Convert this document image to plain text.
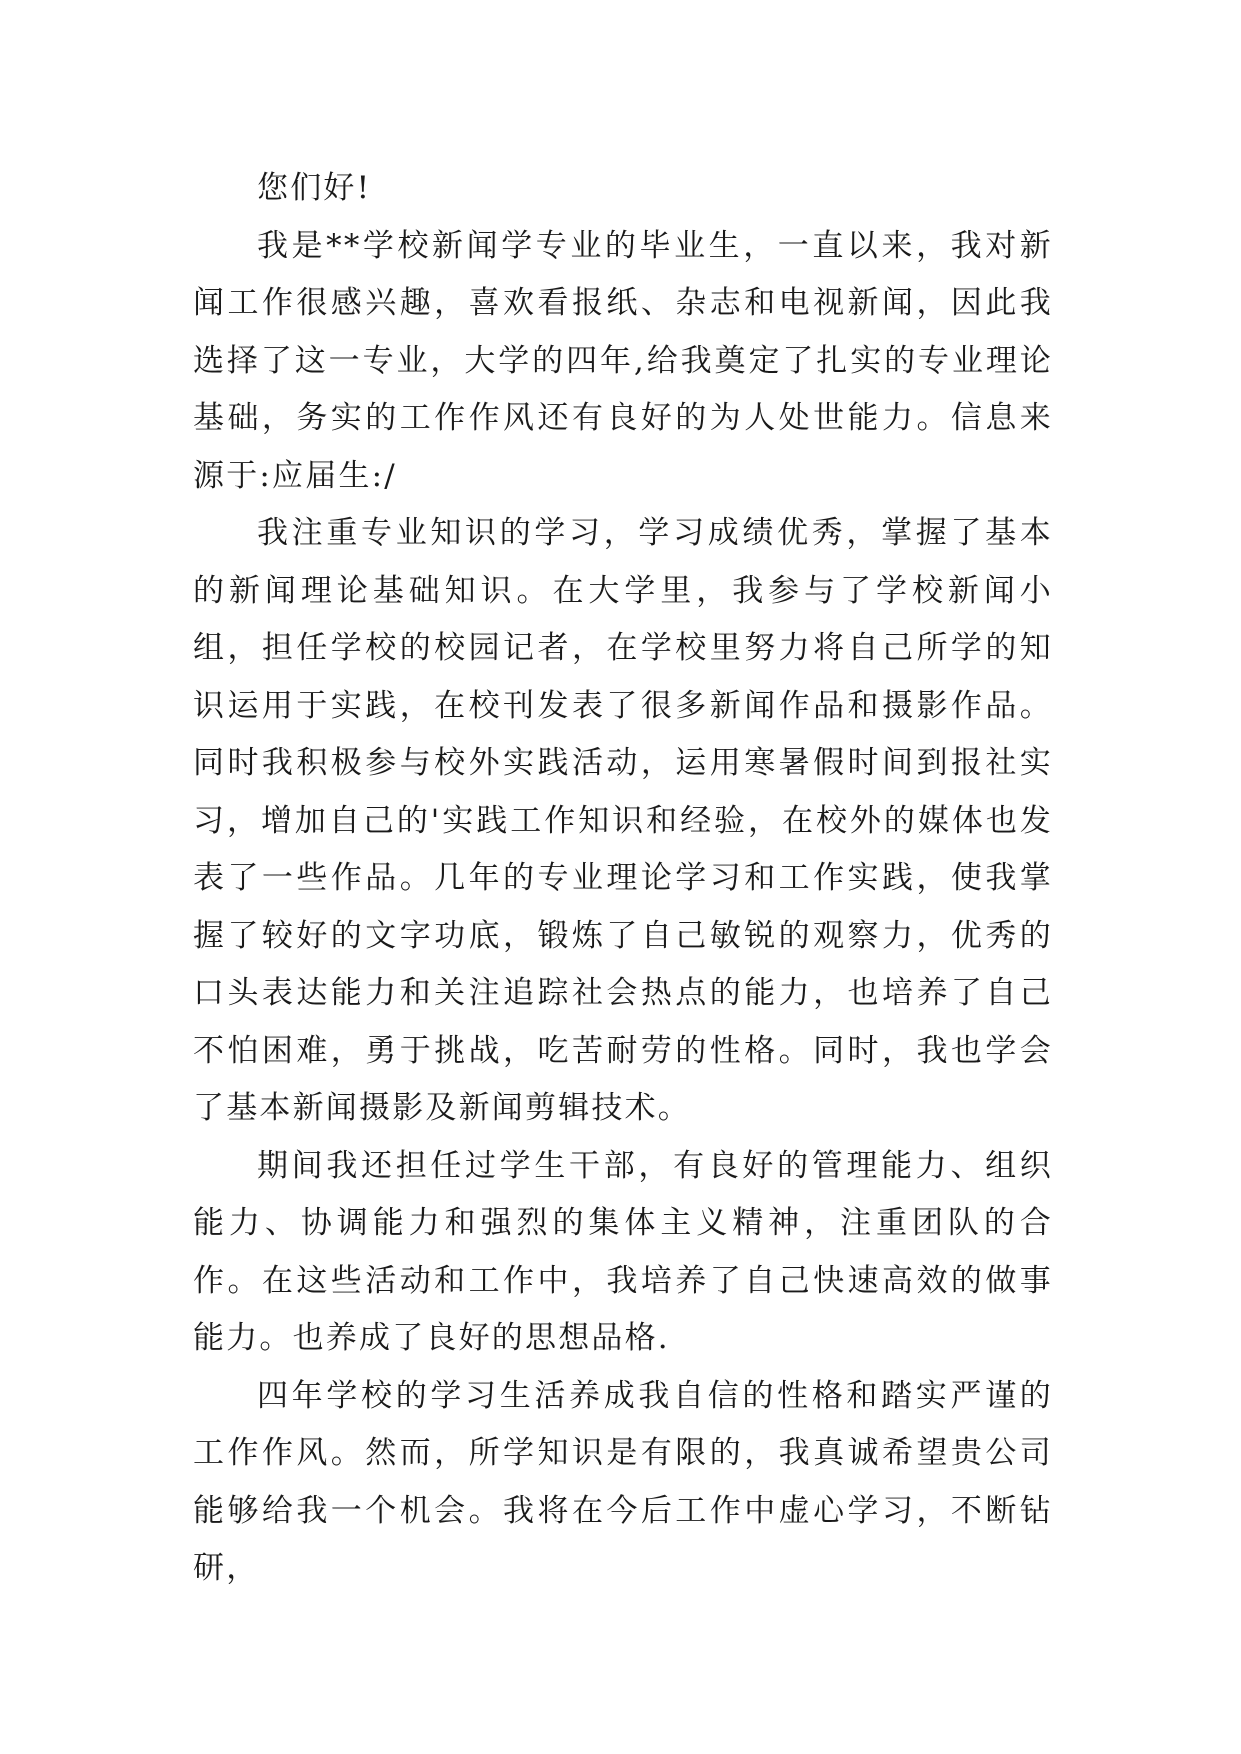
您们好!

我是**学校新闻学专业的毕业生，一直以来，我对新闻工作很感兴趣，喜欢看报纸、杂志和电视新闻，因此我选择了这一专业，大学的四年,给我奠定了扎实的专业理论基础，务实的工作作风还有良好的为人处世能力。信息来源于:应届生:/

我注重专业知识的学习，学习成绩优秀，掌握了基本的新闻理论基础知识。在大学里，我参与了学校新闻小组，担任学校的校园记者，在学校里努力将自己所学的知识运用于实践，在校刊发表了很多新闻作品和摄影作品。同时我积极参与校外实践活动，运用寒暑假时间到报社实习，增加自己的'实践工作知识和经验，在校外的媒体也发表了一些作品。几年的专业理论学习和工作实践，使我掌握了较好的文字功底，锻炼了自己敏锐的观察力，优秀的口头表达能力和关注追踪社会热点的能力，也培养了自己不怕困难，勇于挑战，吃苦耐劳的性格。同时，我也学会了基本新闻摄影及新闻剪辑技术。

期间我还担任过学生干部，有良好的管理能力、组织能力、协调能力和强烈的集体主义精神，注重团队的合作。在这些活动和工作中，我培养了自己快速高效的做事能力。也养成了良好的思想品格.

四年学校的学习生活养成我自信的性格和踏实严谨的工作作风。然而，所学知识是有限的，我真诚希望贵公司能够给我一个机会。我将在今后工作中虚心学习，不断钻研，
